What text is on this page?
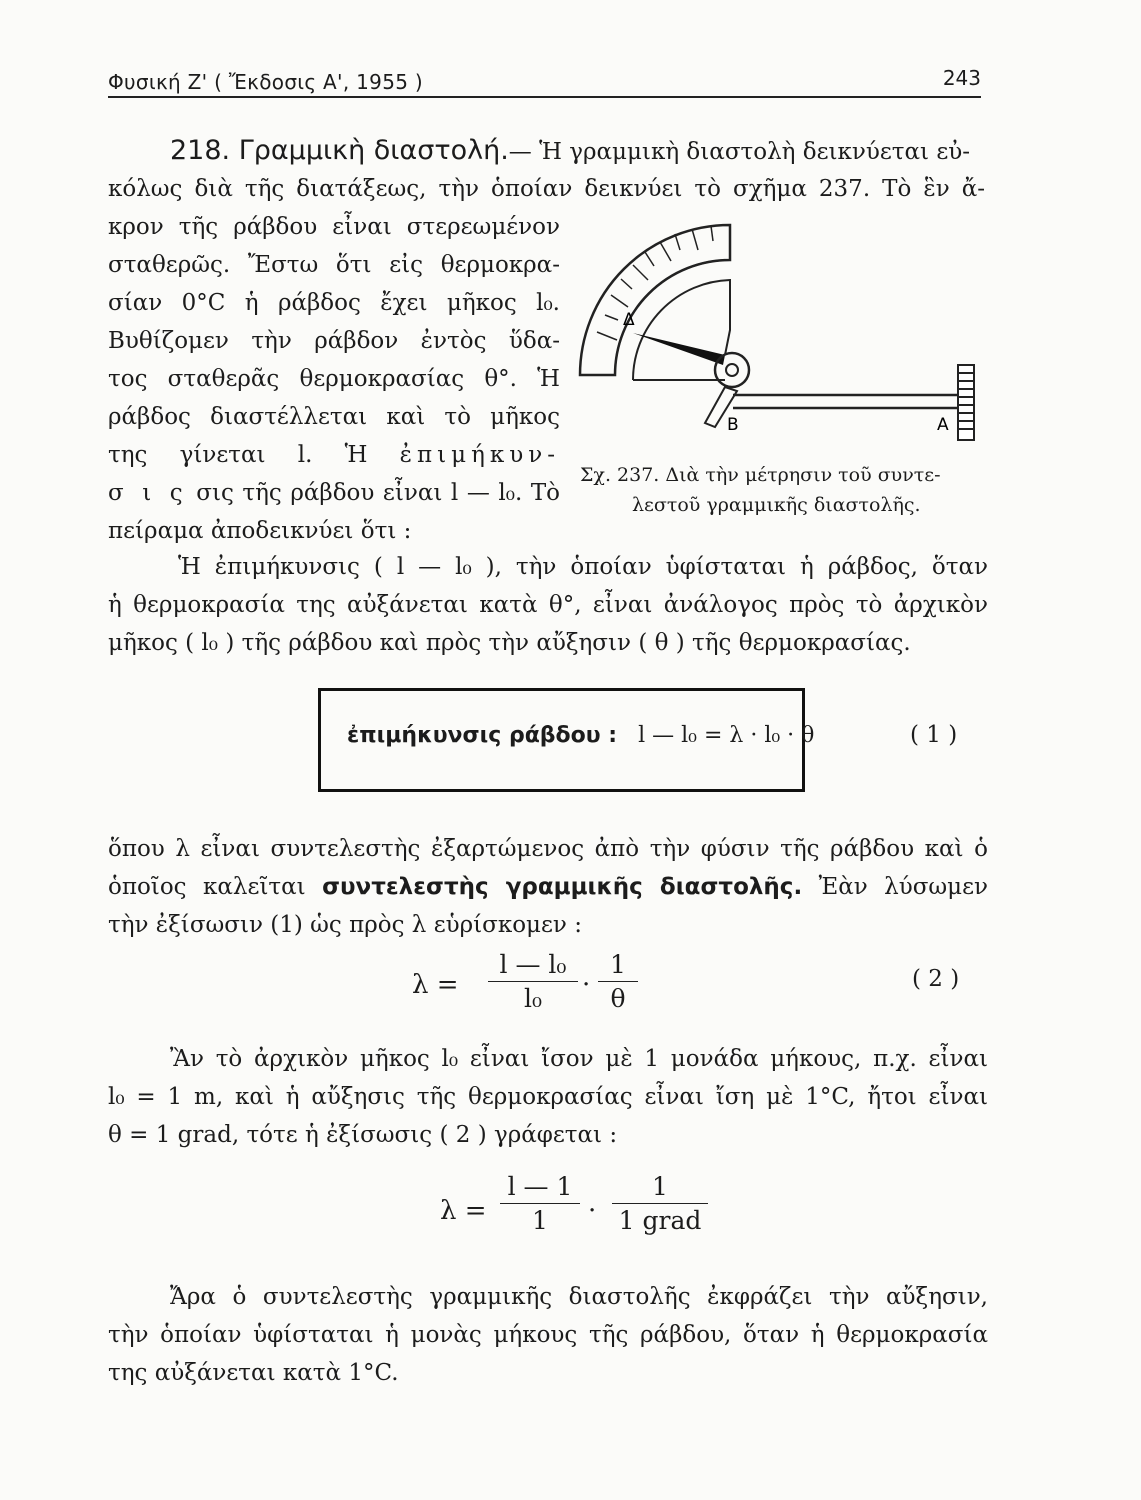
Φυσική Ζ' ( Ἔκδοσις Α', 1955 )	243
218. Γραμμικὴ διαστολή.— Ἡ γραμμικὴ διαστολὴ δεικνύεται εὐ-
κόλως διὰ τῆς διατάξεως, τὴν ὁποίαν δεικνύει τὸ σχῆμα 237. Τὸ ἓν ἄ-
κρον τῆς ράβδου εἶναι στερεωμένον
σταθερῶς. Ἔστω ὅτι εἰς θερμοκρα-
σίαν 0°C ἡ ράβδος ἔχει μῆκος l₀.
Βυθίζομεν τὴν ράβδον ἐντὸς ὕδα-
τος σταθερᾶς θερμοκρασίας θ°. Ἡ
ράβδος διαστέλλεται καὶ τὸ μῆκος
της γίνεται l. Ἡ ἐπιμήκυν-
σ ι ς σις τῆς ράβδου εἶναι l — l₀. Τὸ
πείραμα ἀποδεικνύει ὅτι :
Δ
B	A
Σχ. 237. Διὰ τὴν μέτρησιν τοῦ συντε-
λεστοῦ γραμμικῆς διαστολῆς.
Ἡ ἐπιμήκυνσις ( l — l₀ ), τὴν ὁποίαν ὑφίσταται ἡ ράβδος, ὅταν
ἡ θερμοκρασία της αὐξάνεται κατὰ θ°, εἶναι ἀνάλογος πρὸς τὸ ἀρχικὸν
μῆκος ( l₀ ) τῆς ράβδου καὶ πρὸς τὴν αὔξησιν ( θ ) τῆς θερμοκρασίας.
ἐπιμήκυνσις ράβδου : l — l₀ = λ · l₀ · θ	( 1 )
ὅπου λ εἶναι συντελεστὴς ἐξαρτώμενος ἀπὸ τὴν φύσιν τῆς ράβδου καὶ ὁ
ὁποῖος καλεῖται συντελεστὴς γραμμικῆς διαστολῆς. Ἐὰν λύσωμεν
τὴν ἐξίσωσιν (1) ὡς πρὸς λ εὑρίσκομεν :
$\lambda = \frac{\text{l — l₀}}{\text{l₀}} \cdot \frac{1}{\theta}$	( 2 )
Ἂν τὸ ἀρχικὸν μῆκος l₀ εἶναι ἴσον μὲ 1 μονάδα μήκους, π.χ. εἶναι
l₀ = 1 m, καὶ ἡ αὔξησις τῆς θερμοκρασίας εἶναι ἴση μὲ 1°C, ἤτοι εἶναι
θ = 1 grad, τότε ἡ ἐξίσωσις ( 2 ) γράφεται :
$\lambda = \frac{l — 1}{1}$ ·
1
1 grad
Ἄρα ὁ συντελεστὴς γραμμικῆς διαστολῆς ἐκφράζει τὴν αὔξησιν,
τὴν ὁποίαν ὑφίσταται ἡ μονὰς μήκους τῆς ράβδου, ὅταν ἡ θερμοκρασία
της αὐξάνεται κατὰ 1°C.
